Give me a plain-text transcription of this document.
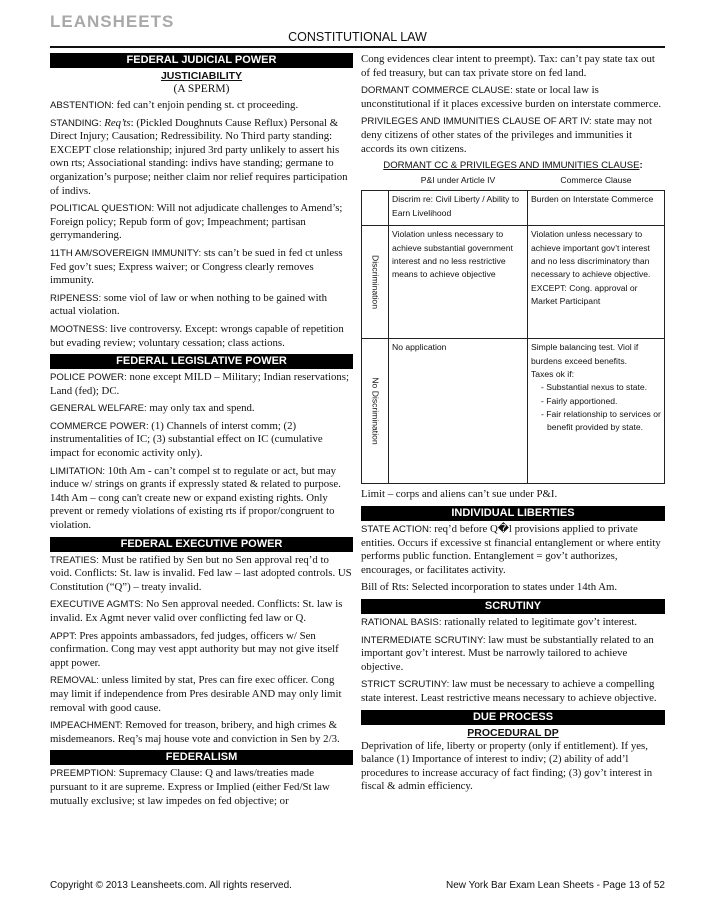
LEANSHEETS
CONSTITUTIONAL LAW
FEDERAL JUDICIAL POWER
JUSTICIABILITY
(A SPERM)

ABSTENTION: fed can’t enjoin pending st. ct proceeding.

STANDING: Req’ts: (Pickled Doughnuts Cause Reflux) Personal & Direct Injury; Causation; Redressibility. No Third party standing: EXCEPT close relationship; injured 3rd party unlikely to assert his own rts; Associational standing: indivs have standing; germane to organization’s purpose; neither claim nor relief requires participation of indivs.

POLITICAL QUESTION: Will not adjudicate challenges to Amend’s; Foreign policy; Repub form of gov; Impeachment; partisan gerrymandering.

11TH AM/SOVEREIGN IMMUNITY: sts can’t be sued in fed ct unless Fed gov’t sues; Express waiver; or Congress clearly removes immunity.

RIPENESS: some viol of law or when nothing to be gained with actual violation.

MOOTNESS: live controversy. Except: wrongs capable of repetition but evading review; voluntary cessation; class actions.

FEDERAL LEGISLATIVE POWER

POLICE POWER: none except MILD – Military; Indian reservations; Land (fed); DC.

GENERAL WELFARE: may only tax and spend.

COMMERCE POWER: (1) Channels of interst comm; (2) instrumentalities of IC; (3) substantial effect on IC (cumulative impact for economic activity only).

LIMITATION: 10th Am - can’t compel st to regulate or act, but may induce w/ strings on grants if expressly stated & related to purpose. 14th Am – cong can't create new or expand existing rights. Only prevent or remedy violations of existing rts if propor/congruent to violation.

FEDERAL EXECUTIVE POWER

TREATIES: Must be ratified by Sen but no Sen approval req’d to void. Conflicts: St. law is invalid. Fed law – last adopted controls. US Constitution (“Q”) – treaty invalid.

EXECUTIVE AGMTS: No Sen approval needed. Conflicts: St. law is invalid. Ex Agmt never valid over conflicting fed law or Q.

APPT: Pres appoints ambassadors, fed judges, officers w/ Sen confirmation. Cong may vest appt authority but may not give itself appt power.

REMOVAL: unless limited by stat, Pres can fire exec officer. Cong may limit if independence from Pres desirable AND may only limit removal with good cause.

IMPEACHMENT: Removed for treason, bribery, and high crimes & misdemeanors. Req’s maj house vote and conviction in Sen by 2/3.

FEDERALISM

PREEMPTION: Supremacy Clause: Q and laws/treaties made pursuant to it are supreme. Express or Implied (either Fed/St law mutually exclusive; st law impedes on fed objective; or

Cong evidences clear intent to preempt). Tax: can’t pay state tax out of fed treasury, but can tax private store on fed land.

DORMANT COMMERCE CLAUSE: state or local law is unconstitutional if it places excessive burden on interstate commerce.

PRIVILEGES AND IMMUNITIES CLAUSE OF ART IV: state may not deny citizens of other states of the privileges and immunities it accords its own citizens.

DORMANT CC & PRIVILEGES AND IMMUNITIES CLAUSE:
	P&I under Article IV	Commerce Clause
	Discrim re: Civil Liberty / Ability to Earn Livelihood	Burden on Interstate Commerce

Discrimination	Violation unless necessary to achieve substantial government interest and no less restrictive means to achieve objective	Violation unless necessary to achieve important gov’t interest and no less discriminatory than necessary to achieve objective. EXCEPT: Cong. approval or Market Participant

No Discrimination	No application	Simple balancing test. Viol if burdens exceed benefits.
Taxes ok if:
- Substantial nexus to state.
- Fairly apportioned.
- Fair relationship to services or benefit provided by state.

Limit – corps and aliens can’t sue under P&I.

INDIVIDUAL LIBERTIES

STATE ACTION: req’d before Q�l provisions applied to private entities. Occurs if excessive st financial entanglement or where entity performs public function. Entanglement = gov’t authorizes, encourages, or facilitates activity.

Bill of Rts: Selected incorporation to states under 14th Am.

SCRUTINY

RATIONAL BASIS: rationally related to legitimate gov’t interest.

INTERMEDIATE SCRUTINY: law must be substantially related to an important gov’t interest. Must be narrowly tailored to achieve objective.

STRICT SCRUTINY: law must be necessary to achieve a compelling state interest. Least restrictive means necessary to achieve objective.

DUE PROCESS
PROCEDURAL DP

Deprivation of life, liberty or property (only if entitlement). If yes, balance (1) Importance of interest to indiv; (2) ability of add’l procedures to increase accuracy of fact finding; (3) gov’t interest in fiscal & admin efficiency.

Copyright © 2013 Leansheets.com. All rights reserved.	New York Bar Exam Lean Sheets - Page 13 of 52
